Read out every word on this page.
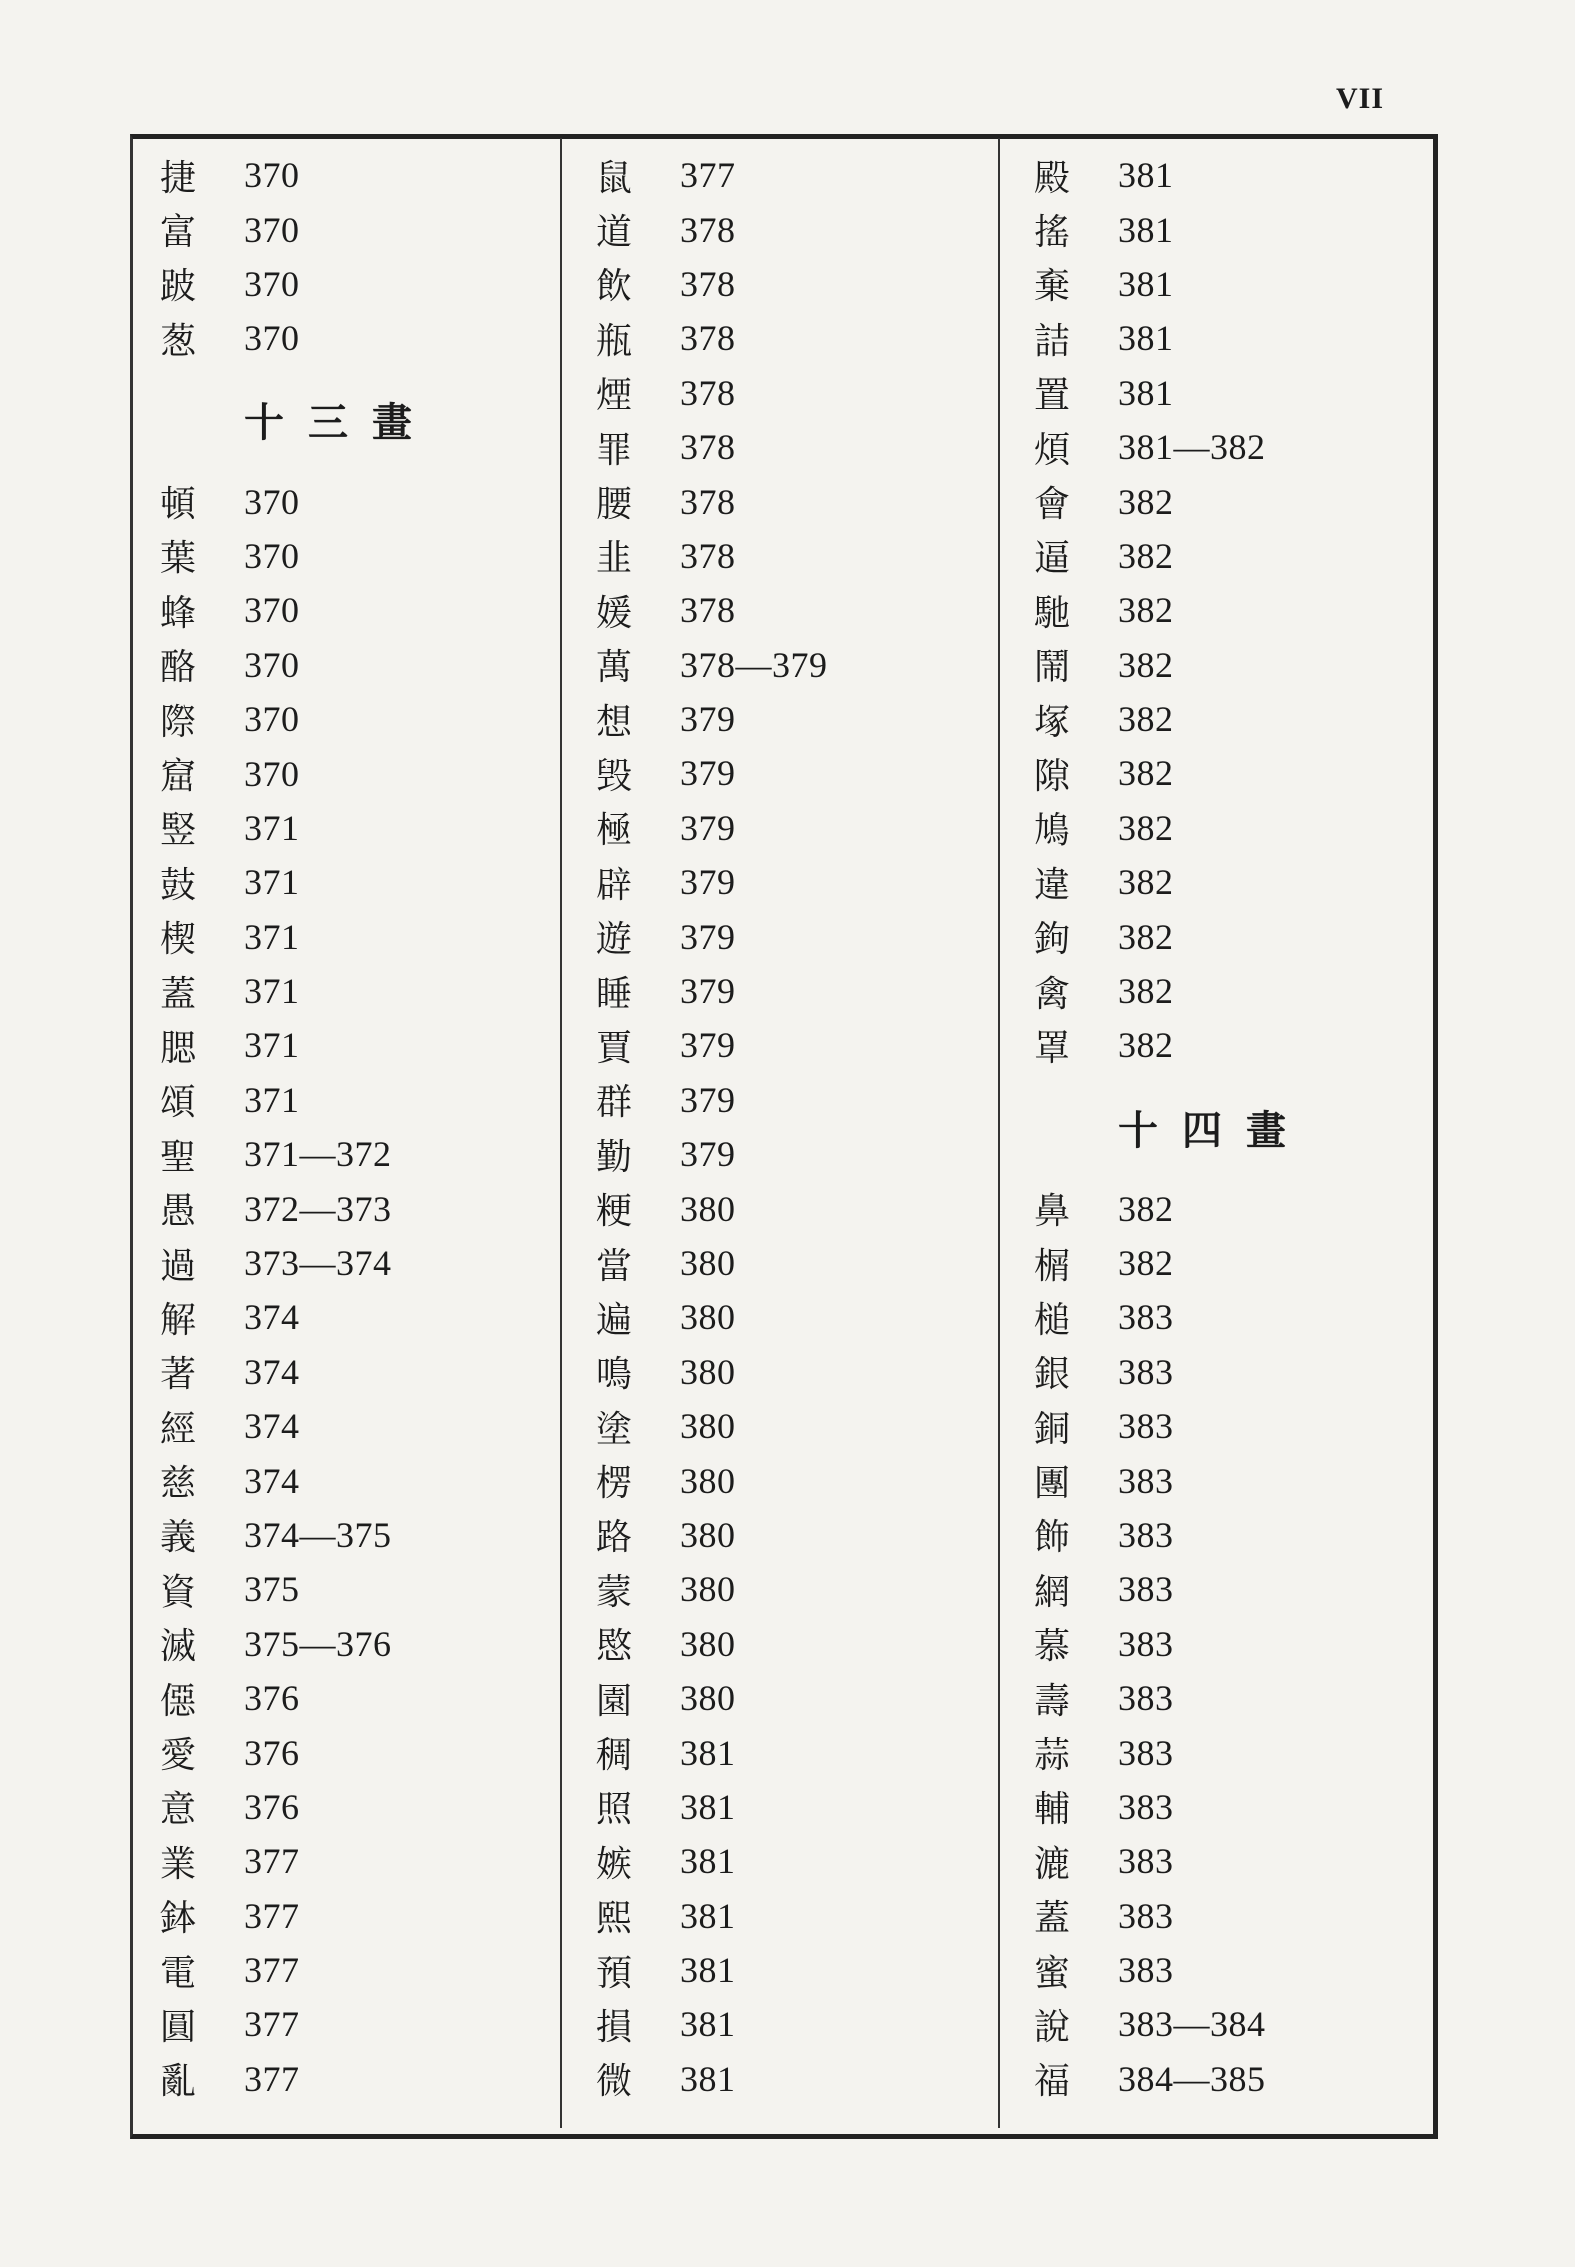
VII
捷	370
富	370
跛	370
葱	370
十三畫
頓	370
葉	370
蜂	370
酪	370
際	370
窟	370
竪	371
鼓	371
楔	371
蓋	371
腮	371
頌	371
聖	371—372
愚	372—373
過	373—374
解	374
著	374
經	374
慈	374
義	374—375
資	375
滅	375—376
僫	376
愛	376
意	376
業	377
鉢	377
電	377
圓	377
亂	377
鼠	377
道	378
飲	378
瓶	378
煙	378
罪	378
腰	378
韭	378
媛	378
萬	378—379
想	379
毁	379
極	379
辟	379
遊	379
睡	379
賈	379
群	379
勤	379
粳	380
當	380
遍	380
鳴	380
塗	380
楞	380
路	380
蒙	380
愍	380
園	380
稠	381
照	381
嫉	381
熙	381
預	381
損	381
微	381
殿	381
搖	381
棄	381
詰	381
置	381
煩	381—382
會	382
逼	382
馳	382
鬧	382
塚	382
隙	382
鳩	382
違	382
鉤	382
禽	382
罩	382
十四畫
鼻	382
榍	382
槌	383
銀	383
銅	383
團	383
飾	383
網	383
慕	383
壽	383
蒜	383
輔	383
漉	383
蓋	383
蜜	383
說	383—384
福	384—385
